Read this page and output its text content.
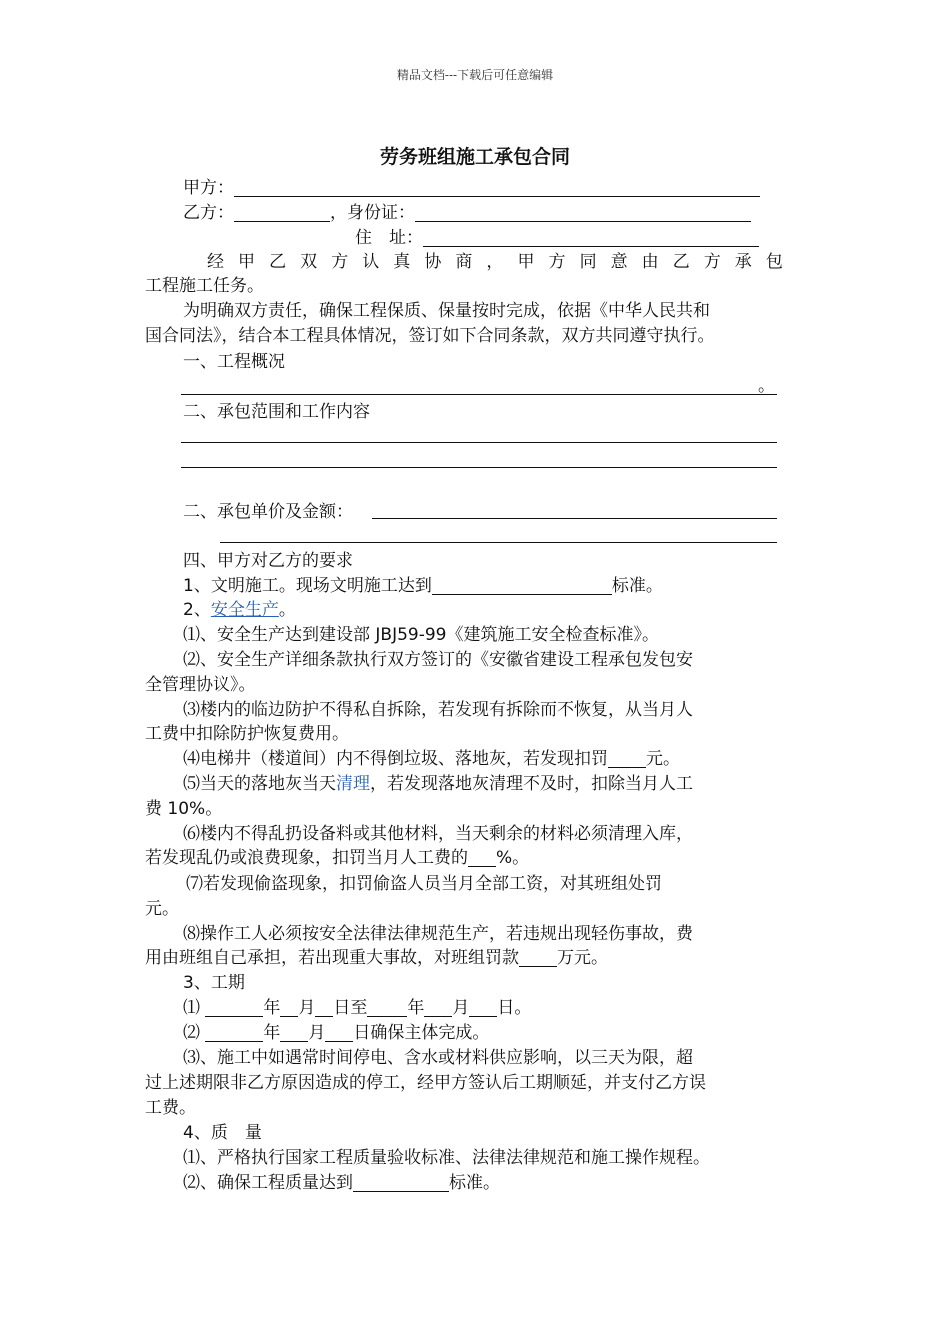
精品文档---下载后可任意编辑
劳务班组施工承包合同
甲方：
乙方：	，身份证：
住　址：
经 甲 乙 双 方 认 真 协 商 ， 甲 方 同 意 由 乙 方 承 包
工程施工任务。
为明确双方责任，确保工程保质、保量按时完成，依据《中华人民共和
国合同法》，结合本工程具体情况，签订如下合同条款，双方共同遵守执行。
一、工程概况
。
二、承包范围和工作内容
二、承包单价及金额：
四、甲方对乙方的要求
1、文明施工。现场文明施工达到	标准。
2、安全生产。
⑴、安全生产达到建设部 JBJ59-99《建筑施工安全检查标准》。
⑵、安全生产详细条款执行双方签订的《安徽省建设工程承包发包安
全管理协议》。
⑶楼内的临边防护不得私自拆除，若发现有拆除而不恢复，从当月人
工费中扣除防护恢复费用。
⑷电梯井（楼道间）内不得倒垃圾、落地灰，若发现扣罚 元。
⑸当天的落地灰当天清理，若发现落地灰清理不及时，扣除当月人工
费 10%。
⑹楼内不得乱扔设备料或其他材料，当天剩余的材料必须清理入库，
若发现乱仍或浪费现象，扣罚当月人工费的 %。
⑺若发现偷盗现象，扣罚偷盗人员当月全部工资，对其班组处罚
元。
⑻操作工人必须按安全法律法律规范生产，若违规出现轻伤事故，费
用由班组自己承担，若出现重大事故，对班组罚款 万元。
3、工期
⑴	年 月 日至 年 月 日。
⑵	年 月 日确保主体完成。
⑶、施工中如遇常时间停电、含水或材料供应影响，以三天为限，超
过上述期限非乙方原因造成的停工，经甲方签认后工期顺延，并支付乙方误
工费。
4、质　量
⑴、严格执行国家工程质量验收标准、法律法律规范和施工操作规程。
⑵、确保工程质量达到	标准。
